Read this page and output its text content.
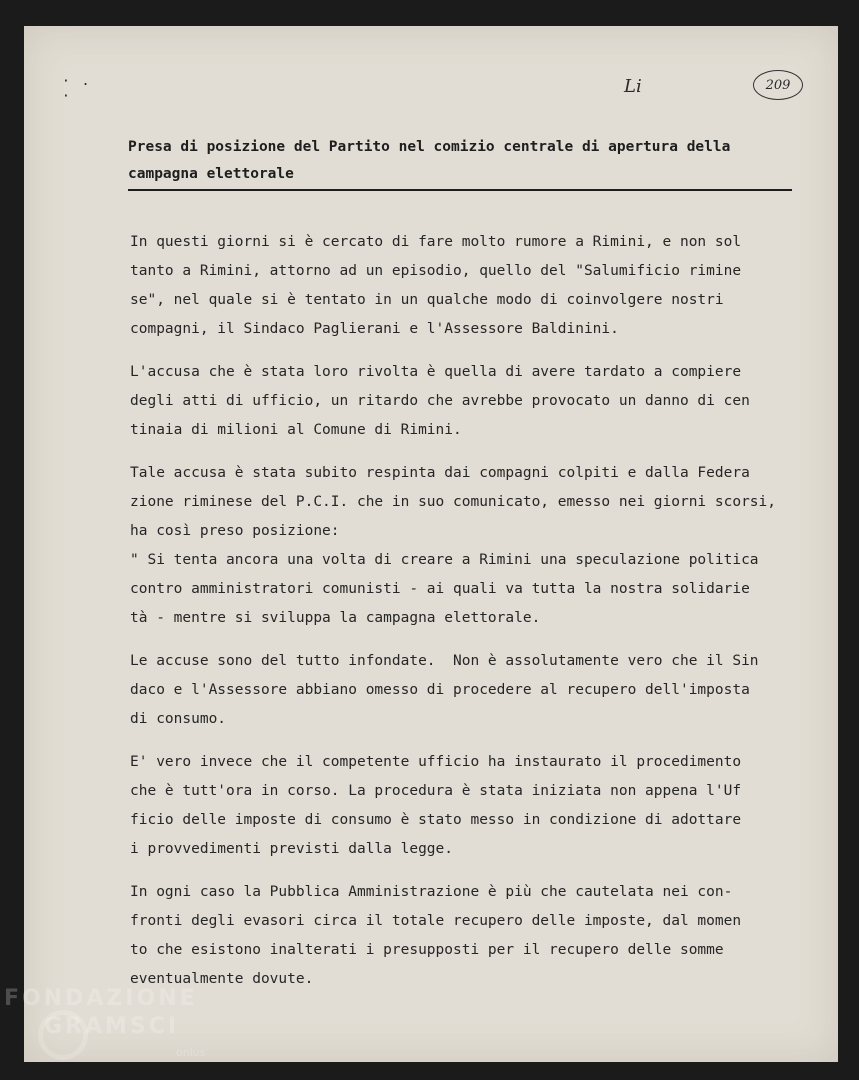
· . ·	Li	209
Presa di posizione del Partito nel comizio centrale di apertura della
campagna elettorale

In questi giorni si è cercato di fare molto rumore a Rimini, e non sol
tanto a Rimini, attorno ad un episodio, quello del "Salumificio rimine
se", nel quale si è tentato in un qualche modo di coinvolgere nostri
compagni, il Sindaco Paglierani e l'Assessore Baldinini.

L'accusa che è stata loro rivolta è quella di avere tardato a compiere
degli atti di ufficio, un ritardo che avrebbe provocato un danno di cen
tinaia di milioni al Comune di Rimini.

Tale accusa è stata subito respinta dai compagni colpiti e dalla Federa
zione riminese del P.C.I. che in suo comunicato, emesso nei giorni scorsi,
ha così preso posizione:
" Si tenta ancora una volta di creare a Rimini una speculazione politica
contro amministratori comunisti - ai quali va tutta la nostra solidarie
tà - mentre si sviluppa la campagna elettorale.

Le accuse sono del tutto infondate.  Non è assolutamente vero che il Sin
daco e l'Assessore abbiano omesso di procedere al recupero dell'imposta
di consumo.

E' vero invece che il competente ufficio ha instaurato il procedimento
che è tutt'ora in corso. La procedura è stata iniziata non appena l'Uf
ficio delle imposte di consumo è stato messo in condizione di adottare
i provvedimenti previsti dalla legge.

In ogni caso la Pubblica Amministrazione è più che cautelata nei con-
fronti degli evasori circa il totale recupero delle imposte, dal momen
to che esistono inalterati i presupposti per il recupero delle somme
eventualmente dovute.

FONDAZIONE
GRAMSCI
onlus
